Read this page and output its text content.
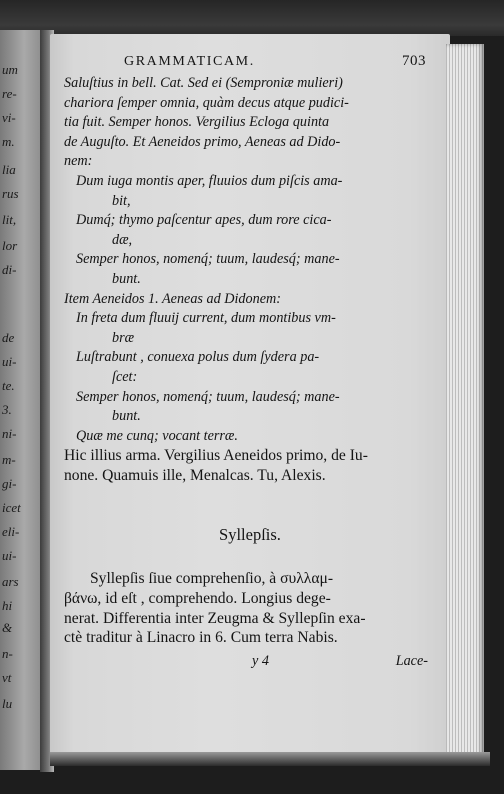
um
re-
vi-
m.
lia
rus
lit,
lor
di-
de
ui-
te.
3.
ni-
m-
gi-
icet
eli-
ui-
ars
hi
&
n-
vt
lu
GRAMMATICAM.	703
Saluſtius in bell. Cat. Sed ei (Semproniæ mulieri)
chariora ſemper omnia, quàm decus atque pudici-
tia fuit. Semper honos. Vergilius Ecloga quinta
de Auguſto. Et Aeneidos primo, Aeneas ad Dido-
nem:
Dum iuga montis aper, fluuios dum piſcis ama-
bit,
Dumq́; thymo paſcentur apes, dum rore cica-
dæ,
Semper honos, nomenq́; tuum, laudesq́; mane-
bunt.
Item Aeneidos 1. Aeneas ad Didonem:
In freta dum fluuij current, dum montibus vm-
bræ
Luſtrabunt , conuexa polus dum ſydera pa-
ſcet:
Semper honos, nomenq́; tuum, laudesq́; mane-
bunt.
Quæ me cunq; vocant terræ.
Hic illius arma. Vergilius Aeneidos primo, de Iu-
none. Quamuis ille, Menalcas. Tu, Alexis.
Syllepſis.
Syllepſis ſiue comprehenſio, à συλλαμ-
βάνω, id eſt , comprehendo. Longius dege-
nerat. Differentia inter Zeugma & Syllepſin exa-
ctè traditur à Linacro in 6. Cum terra Nabis.
y 4	Lace-
